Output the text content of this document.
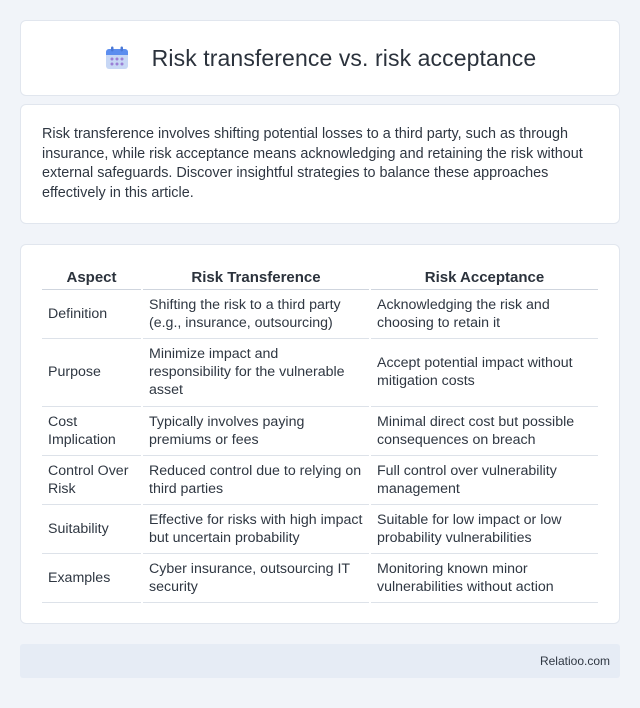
Risk transference vs. risk acceptance

Risk transference involves shifting potential losses to a third party, such as through insurance, while risk acceptance means acknowledging and retaining the risk without external safeguards. Discover insightful strategies to balance these approaches effectively in this article.

Aspect	Risk Transference	Risk Acceptance
Definition	Shifting the risk to a third party (e.g., insurance, outsourcing)	Acknowledging the risk and choosing to retain it
Purpose	Minimize impact and responsibility for the vulnerable asset	Accept potential impact without mitigation costs
Cost Implication	Typically involves paying premiums or fees	Minimal direct cost but possible consequences on breach
Control Over Risk	Reduced control due to relying on third parties	Full control over vulnerability management
Suitability	Effective for risks with high impact but uncertain probability	Suitable for low impact or low probability vulnerabilities
Examples	Cyber insurance, outsourcing IT security	Monitoring known minor vulnerabilities without action
Relatioo.com
